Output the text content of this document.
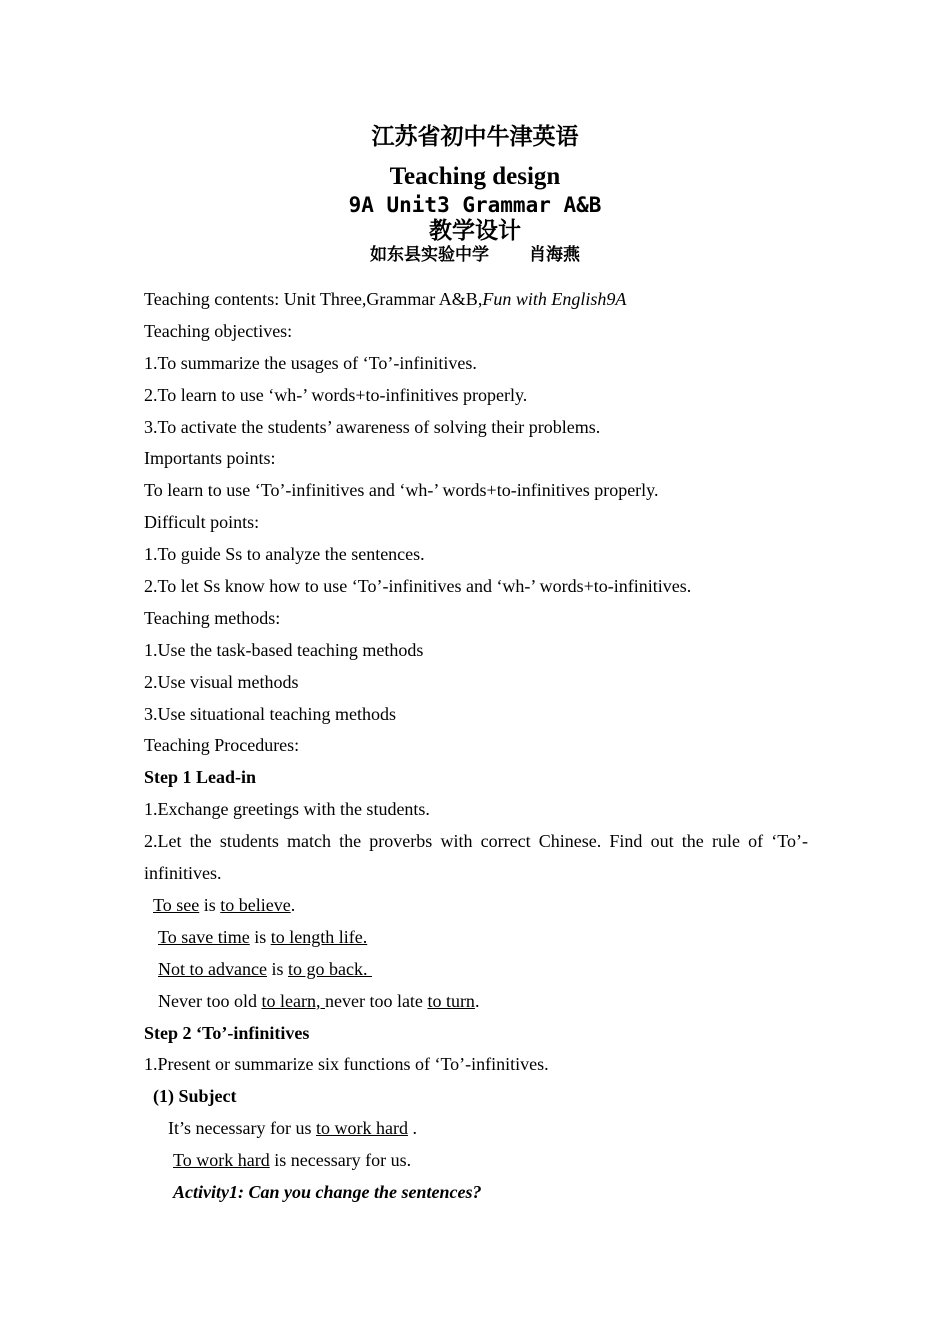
江苏省初中牛津英语
Teaching design
9A Unit3 Grammar A&B
教学设计
如东县实验中学 肖海燕
Teaching contents: Unit Three,Grammar A&B,Fun with English9A
Teaching objectives:
1.To summarize the usages of ‘To’-infinitives.
2.To learn to use ‘wh-’ words+to-infinitives properly.
3.To activate the students’ awareness of solving their problems.
Importants points:
To learn to use ‘To’-infinitives and ‘wh-’ words+to-infinitives properly.
Difficult points:
1.To guide Ss to analyze the sentences.
2.To let Ss know how to use ‘To’-infinitives and ‘wh-’ words+to-infinitives.
Teaching methods:
1.Use the task-based teaching methods
2.Use visual methods
3.Use situational teaching methods
Teaching Procedures:
Step 1 Lead-in
1.Exchange greetings with the students.
2.Let the students match the proverbs with correct Chinese. Find out the rule of ‘To’-infinitives.
To see is to believe.
To save time is to length life.
Not to advance is to go back.
Never too old to learn, never too late to turn.
Step 2 ‘To’-infinitives
1.Present or summarize six functions of ‘To’-infinitives.
(1) Subject
It’s necessary for us to work hard .
To work hard is necessary for us.
Activity1: Can you change the sentences?
